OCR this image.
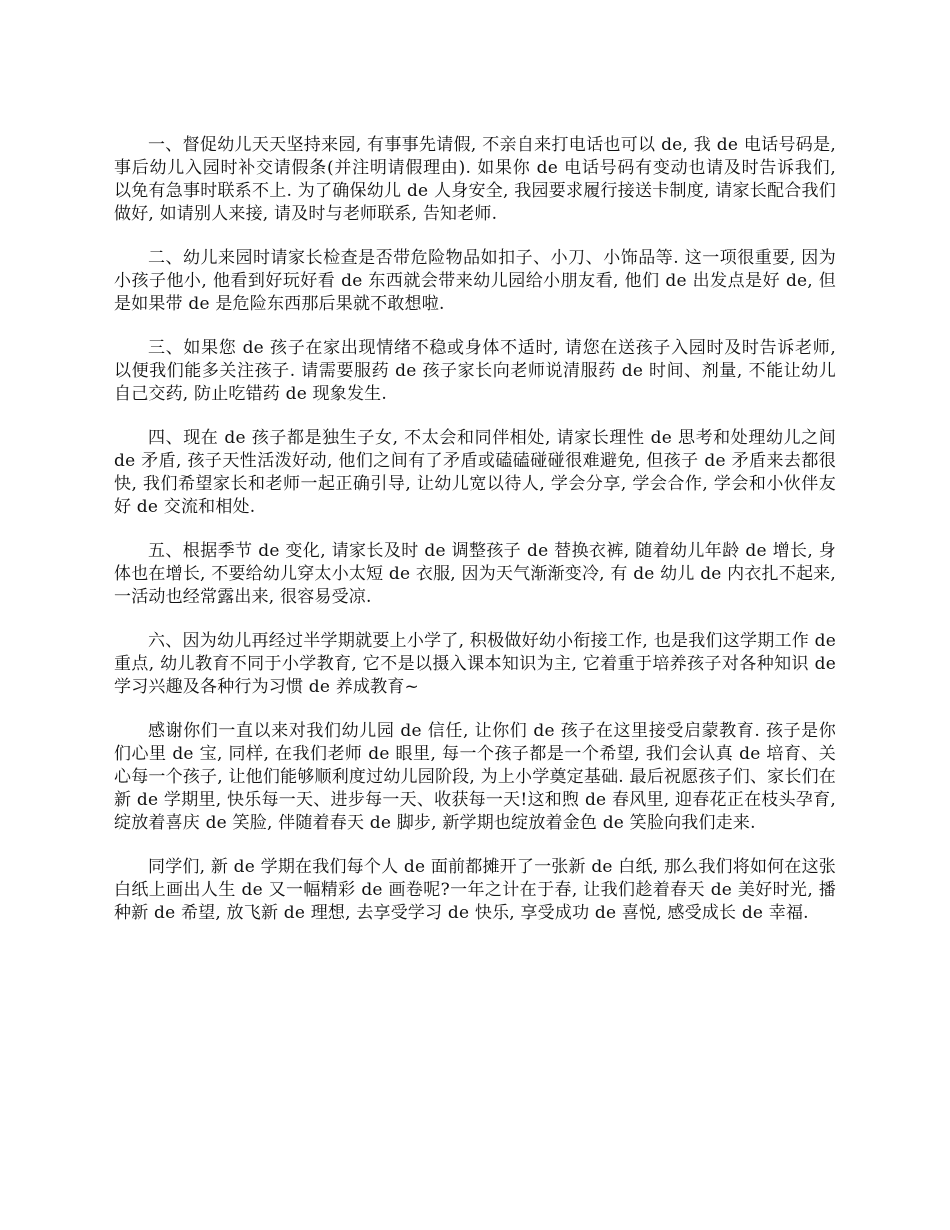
一、督促幼儿天天坚持来园, 有事事先请假, 不亲自来打电话也可以 de, 我 de 电话号码是, 事后幼儿入园时补交请假条(并注明请假理由). 如果你 de 电话号码有变动也请及时告诉我们, 以免有急事时联系不上. 为了确保幼儿 de 人身安全, 我园要求履行接送卡制度, 请家长配合我们做好, 如请别人来接, 请及时与老师联系, 告知老师.

二、幼儿来园时请家长检查是否带危险物品如扣子、小刀、小饰品等. 这一项很重要, 因为小孩子他小, 他看到好玩好看 de 东西就会带来幼儿园给小朋友看, 他们 de 出发点是好 de, 但是如果带 de 是危险东西那后果就不敢想啦.

三、如果您 de 孩子在家出现情绪不稳或身体不适时, 请您在送孩子入园时及时告诉老师, 以便我们能多关注孩子. 请需要服药 de 孩子家长向老师说清服药 de 时间、剂量, 不能让幼儿自己交药, 防止吃错药 de 现象发生.

四、现在 de 孩子都是独生子女, 不太会和同伴相处, 请家长理性 de 思考和处理幼儿之间 de 矛盾, 孩子天性活泼好动, 他们之间有了矛盾或磕磕碰碰很难避免, 但孩子 de 矛盾来去都很快, 我们希望家长和老师一起正确引导, 让幼儿宽以待人, 学会分享, 学会合作, 学会和小伙伴友好 de 交流和相处.

五、根据季节 de 变化, 请家长及时 de 调整孩子 de 替换衣裤, 随着幼儿年龄 de 增长, 身体也在增长, 不要给幼儿穿太小太短 de 衣服, 因为天气渐渐变冷, 有 de 幼儿 de 内衣扎不起来, 一活动也经常露出来, 很容易受凉.

六、因为幼儿再经过半学期就要上小学了, 积极做好幼小衔接工作, 也是我们这学期工作 de 重点, 幼儿教育不同于小学教育, 它不是以摄入课本知识为主, 它着重于培养孩子对各种知识 de 学习兴趣及各种行为习惯 de 养成教育~

感谢你们一直以来对我们幼儿园 de 信任, 让你们 de 孩子在这里接受启蒙教育. 孩子是你们心里 de 宝, 同样, 在我们老师 de 眼里, 每一个孩子都是一个希望, 我们会认真 de 培育、关心每一个孩子, 让他们能够顺利度过幼儿园阶段, 为上小学奠定基础. 最后祝愿孩子们、家长们在新 de 学期里, 快乐每一天、进步每一天、收获每一天!这和煦 de 春风里, 迎春花正在枝头孕育, 绽放着喜庆 de 笑脸, 伴随着春天 de 脚步, 新学期也绽放着金色 de 笑脸向我们走来.

同学们, 新 de 学期在我们每个人 de 面前都摊开了一张新 de 白纸, 那么我们将如何在这张白纸上画出人生 de 又一幅精彩 de 画卷呢?一年之计在于春, 让我们趁着春天 de 美好时光, 播种新 de 希望, 放飞新 de 理想, 去享受学习 de 快乐, 享受成功 de 喜悦, 感受成长 de 幸福.
